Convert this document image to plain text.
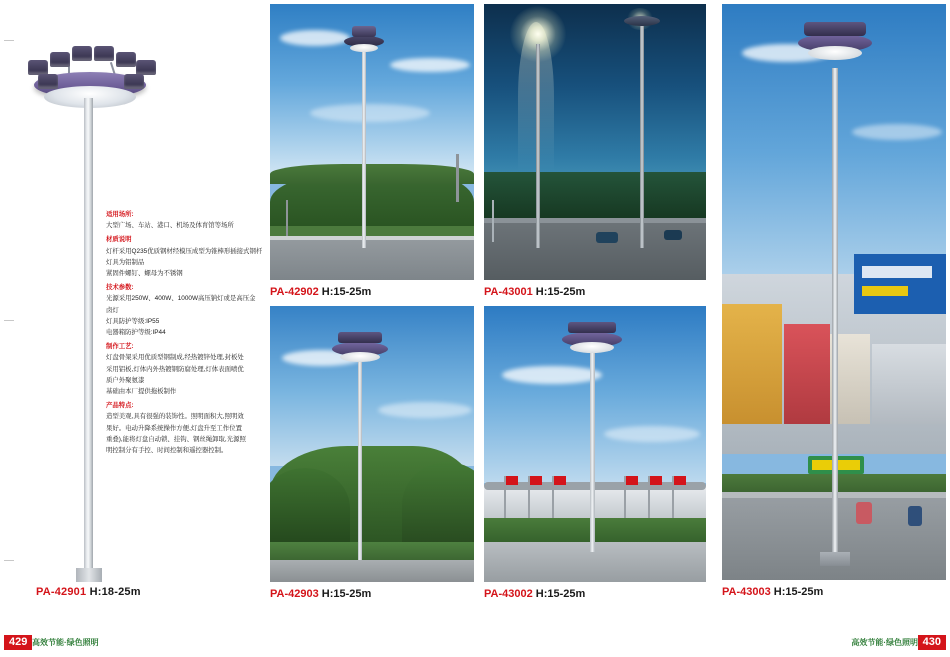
PA-42901 H:18-25m
适用场所:
大型广场、车站、港口、机场及体育馆等场所
材质说明
灯杆采用Q235优质钢材经模压成型为锥棒形插接式钢杆
灯具为铝制品
紧固件螺钉、螺母为不锈钢
技术参数:
光源采用250W、400W、1000W高压钠灯或是高压金
卤灯
灯具防护等级:IP55
电器箱防护等级:IP44
制作工艺:
灯盘骨架采用优质型钢制成,经热镀锌处理,封板处
采用铝板,灯体内外热镀钢防腐处理,灯体表面喷优
质户外聚氨漆
基础由本厂提供拖板制作
产品特点:
造型美观,具有很强的装饰性。照明面积大,照明效
果好。电动升降系统操作方便,灯盘升至工作位置
重叠),能将灯盘自动锁、挂钩、钢丝绳卸取,光源照
明控制分有手控、时间控制和遥控器控制。
PA-42902 H:15-25m	PA-43001 H:15-25m
PA-43003 H:15-25m
PA-42903 H:15-25m	PA-43002 H:15-25m
429 高效节能·绿色照明	430
高效节能·绿色照明
